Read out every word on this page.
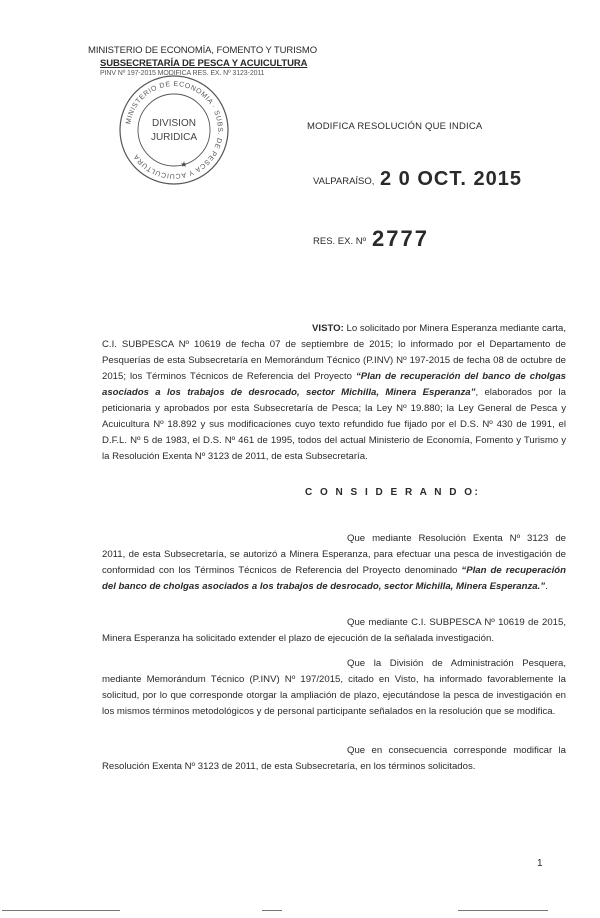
MINISTERIO DE ECONOMÍA, FOMENTO Y TURISMO
SUBSECRETARÍA DE PESCA Y ACUICULTURA
PINV Nº 197-2015 MODIFICA RES. EX. Nº 3123-2011
MINISTERIO DE ECONOMIA · SUBS. DE PESCA Y ACUICULTURA
DIVISION
JURIDICA
★
MODIFICA RESOLUCIÓN QUE INDICA
VALPARAÍSO, 2 0 OCT. 2015
RES. EX. Nº 2777
VISTO: Lo solicitado por Minera Esperanza mediante carta, C.I. SUBPESCA Nº 10619 de fecha 07 de septiembre de 2015; lo informado por el Departamento de Pesquerías de esta Subsecretaría en Memorándum Técnico (P.INV) Nº 197-2015 de fecha 08 de octubre de 2015; los Términos Técnicos de Referencia del Proyecto “Plan de recuperación del banco de cholgas asociados a los trabajos de desrocado, sector Michilla, Minera Esperanza”, elaborados por la peticionaria y aprobados por esta Subsecretaría de Pesca; la Ley Nº 19.880; la Ley General de Pesca y Acuicultura Nº 18.892 y sus modificaciones cuyo texto refundido fue fijado por el D.S. Nº 430 de 1991, el D.F.L. Nº 5 de 1983, el D.S. Nº 461 de 1995, todos del actual Ministerio de Economía, Fomento y Turismo y la Resolución Exenta Nº 3123 de 2011, de esta Subsecretaría.
C O N S I D E R A N D O:
Que mediante Resolución Exenta Nº 3123 de 2011, de esta Subsecretaría, se autorizó a Minera Esperanza, para efectuar una pesca de investigación de conformidad con los Términos Técnicos de Referencia del Proyecto denominado “Plan de recuperación del banco de cholgas asociados a los trabajos de desrocado, sector Michilla, Minera Esperanza.”.
Que mediante C.I. SUBPESCA Nº 10619 de 2015, Minera Esperanza ha solicitado extender el plazo de ejecución de la señalada investigación.
Que la División de Administración Pesquera, mediante Memorándum Técnico (P.INV) Nº 197/2015, citado en Visto, ha informado favorablemente la solicitud, por lo que corresponde otorgar la ampliación de plazo, ejecutándose la pesca de investigación en los mismos términos metodológicos y de personal participante señalados en la resolución que se modifica.
Que en consecuencia corresponde modificar la Resolución Exenta Nº 3123 de 2011, de esta Subsecretaría, en los términos solicitados.
1
